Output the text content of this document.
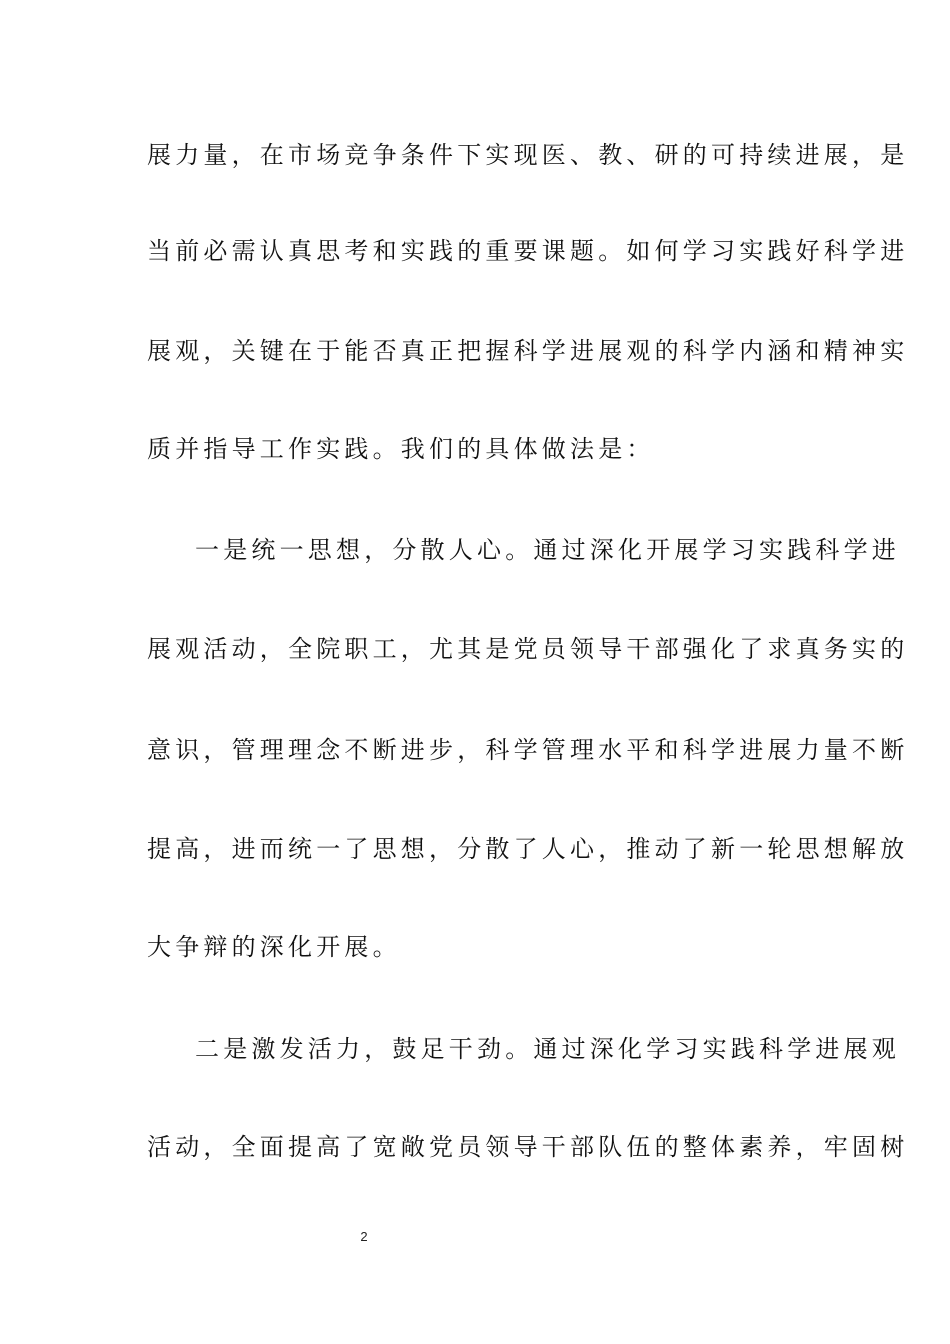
展力量，在市场竞争条件下实现医、教、研的可持续进展，是
当前必需认真思考和实践的重要课题。如何学习实践好科学进
展观，关键在于能否真正把握科学进展观的科学内涵和精神实
质并指导工作实践。我们的具体做法是：
一是统一思想，分散人心。通过深化开展学习实践科学进
展观活动，全院职工，尤其是党员领导干部强化了求真务实的
意识，管理理念不断进步，科学管理水平和科学进展力量不断
提高，进而统一了思想，分散了人心，推动了新一轮思想解放
大争辩的深化开展。
二是激发活力，鼓足干劲。通过深化学习实践科学进展观
活动，全面提高了宽敞党员领导干部队伍的整体素养，牢固树
2
